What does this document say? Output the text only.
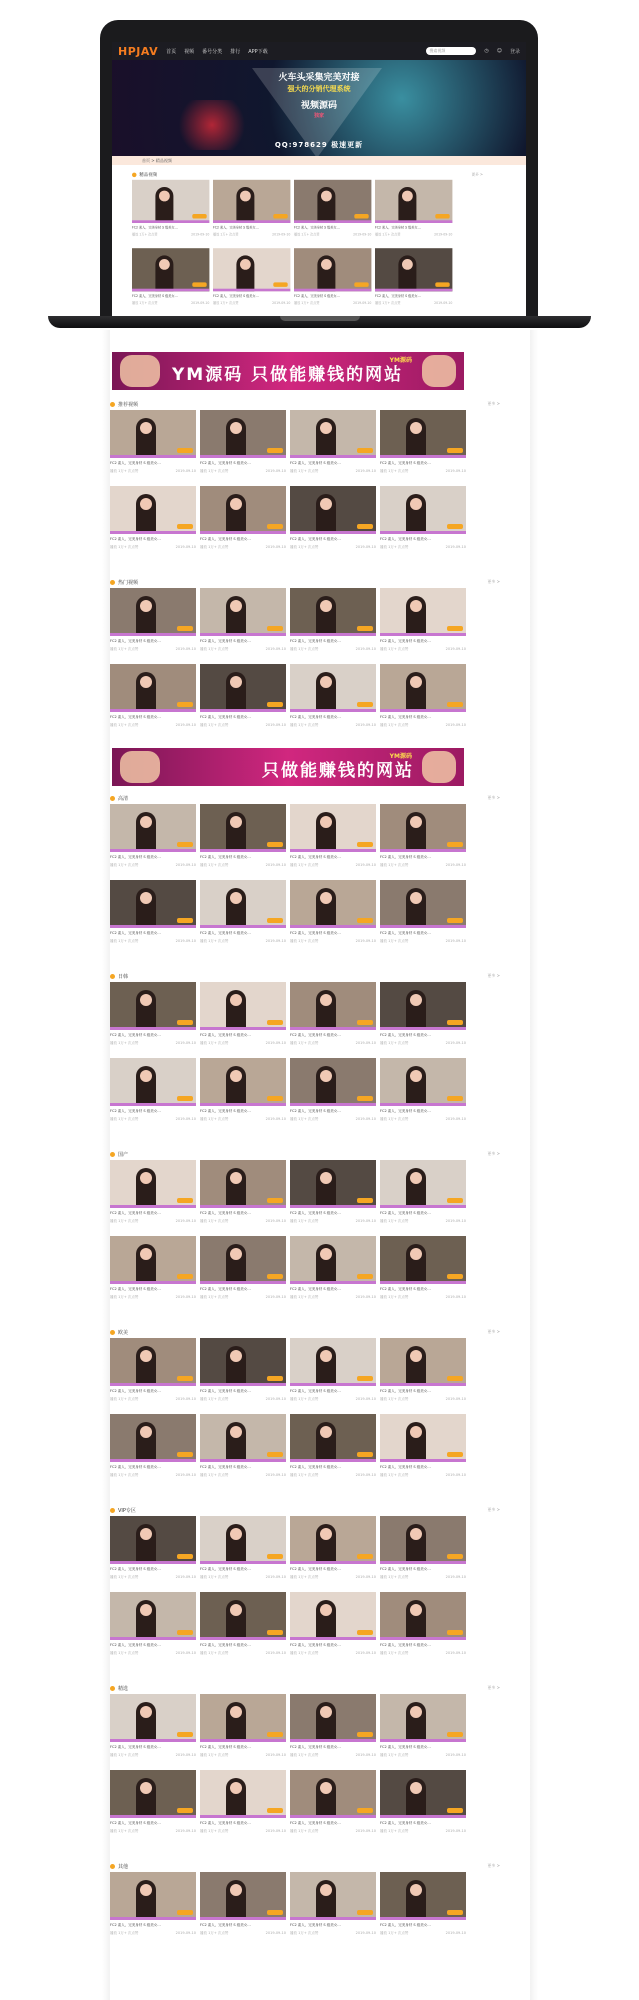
HPJAV 首页 视频 番号分类 排行 APP下载	搜索视频	◷ ☺ 登录
火车头采集完美对接
强大的分销代理系统
视频源码
独家
QQ:978629 极速更新
首页 > 精品视频
精品视频	更多 >
FC2 素人，完美身材 S 级美女…
播放 1万+ 次点赞	2019-09-10
FC2 素人，完美身材 S 级美女…
播放 1万+ 次点赞	2019-09-10
FC2 素人，完美身材 S 级美女…
播放 1万+ 次点赞	2019-09-10
FC2 素人，完美身材 S 级美女…
播放 1万+ 次点赞	2019-09-10
FC2 素人，完美身材 S 级美女…
播放 1万+ 次点赞	2019-09-10
FC2 素人，完美身材 S 级美女…
播放 1万+ 次点赞	2019-09-10
FC2 素人，完美身材 S 级美女…
播放 1万+ 次点赞	2019-09-10
FC2 素人，完美身材 S 级美女…
播放 1万+ 次点赞	2019-09-10
YM源码 只做能赚钱的网站
YM源码
只做能赚钱的网站
YM源码
推荐视频	更多 >
FC2 素人，完美身材 S 级美女…
播放 1万+ 次点赞	2019-09-10
FC2 素人，完美身材 S 级美女…
播放 1万+ 次点赞	2019-09-10
FC2 素人，完美身材 S 级美女…
播放 1万+ 次点赞	2019-09-10
FC2 素人，完美身材 S 级美女…
播放 1万+ 次点赞	2019-09-10
FC2 素人，完美身材 S 级美女…
播放 1万+ 次点赞	2019-09-10
FC2 素人，完美身材 S 级美女…
播放 1万+ 次点赞	2019-09-10
FC2 素人，完美身材 S 级美女…
播放 1万+ 次点赞	2019-09-10
FC2 素人，完美身材 S 级美女…
播放 1万+ 次点赞	2019-09-10
热门视频	更多 >
FC2 素人，完美身材 S 级美女…
播放 1万+ 次点赞	2019-09-10
FC2 素人，完美身材 S 级美女…
播放 1万+ 次点赞	2019-09-10
FC2 素人，完美身材 S 级美女…
播放 1万+ 次点赞	2019-09-10
FC2 素人，完美身材 S 级美女…
播放 1万+ 次点赞	2019-09-10
FC2 素人，完美身材 S 级美女…
播放 1万+ 次点赞	2019-09-10
FC2 素人，完美身材 S 级美女…
播放 1万+ 次点赞	2019-09-10
FC2 素人，完美身材 S 级美女…
播放 1万+ 次点赞	2019-09-10
FC2 素人，完美身材 S 级美女…
播放 1万+ 次点赞	2019-09-10
高清	更多 >
FC2 素人，完美身材 S 级美女…
播放 1万+ 次点赞	2019-09-10
FC2 素人，完美身材 S 级美女…
播放 1万+ 次点赞	2019-09-10
FC2 素人，完美身材 S 级美女…
播放 1万+ 次点赞	2019-09-10
FC2 素人，完美身材 S 级美女…
播放 1万+ 次点赞	2019-09-10
FC2 素人，完美身材 S 级美女…
播放 1万+ 次点赞	2019-09-10
FC2 素人，完美身材 S 级美女…
播放 1万+ 次点赞	2019-09-10
FC2 素人，完美身材 S 级美女…
播放 1万+ 次点赞	2019-09-10
FC2 素人，完美身材 S 级美女…
播放 1万+ 次点赞	2019-09-10
日韩	更多 >
FC2 素人，完美身材 S 级美女…
播放 1万+ 次点赞	2019-09-10
FC2 素人，完美身材 S 级美女…
播放 1万+ 次点赞	2019-09-10
FC2 素人，完美身材 S 级美女…
播放 1万+ 次点赞	2019-09-10
FC2 素人，完美身材 S 级美女…
播放 1万+ 次点赞	2019-09-10
FC2 素人，完美身材 S 级美女…
播放 1万+ 次点赞	2019-09-10
FC2 素人，完美身材 S 级美女…
播放 1万+ 次点赞	2019-09-10
FC2 素人，完美身材 S 级美女…
播放 1万+ 次点赞	2019-09-10
FC2 素人，完美身材 S 级美女…
播放 1万+ 次点赞	2019-09-10
国产	更多 >
FC2 素人，完美身材 S 级美女…
播放 1万+ 次点赞	2019-09-10
FC2 素人，完美身材 S 级美女…
播放 1万+ 次点赞	2019-09-10
FC2 素人，完美身材 S 级美女…
播放 1万+ 次点赞	2019-09-10
FC2 素人，完美身材 S 级美女…
播放 1万+ 次点赞	2019-09-10
FC2 素人，完美身材 S 级美女…
播放 1万+ 次点赞	2019-09-10
FC2 素人，完美身材 S 级美女…
播放 1万+ 次点赞	2019-09-10
FC2 素人，完美身材 S 级美女…
播放 1万+ 次点赞	2019-09-10
FC2 素人，完美身材 S 级美女…
播放 1万+ 次点赞	2019-09-10
欧美	更多 >
FC2 素人，完美身材 S 级美女…
播放 1万+ 次点赞	2019-09-10
FC2 素人，完美身材 S 级美女…
播放 1万+ 次点赞	2019-09-10
FC2 素人，完美身材 S 级美女…
播放 1万+ 次点赞	2019-09-10
FC2 素人，完美身材 S 级美女…
播放 1万+ 次点赞	2019-09-10
FC2 素人，完美身材 S 级美女…
播放 1万+ 次点赞	2019-09-10
FC2 素人，完美身材 S 级美女…
播放 1万+ 次点赞	2019-09-10
FC2 素人，完美身材 S 级美女…
播放 1万+ 次点赞	2019-09-10
FC2 素人，完美身材 S 级美女…
播放 1万+ 次点赞	2019-09-10
VIP专区	更多 >
FC2 素人，完美身材 S 级美女…
播放 1万+ 次点赞	2019-09-10
FC2 素人，完美身材 S 级美女…
播放 1万+ 次点赞	2019-09-10
FC2 素人，完美身材 S 级美女…
播放 1万+ 次点赞	2019-09-10
FC2 素人，完美身材 S 级美女…
播放 1万+ 次点赞	2019-09-10
FC2 素人，完美身材 S 级美女…
播放 1万+ 次点赞	2019-09-10
FC2 素人，完美身材 S 级美女…
播放 1万+ 次点赞	2019-09-10
FC2 素人，完美身材 S 级美女…
播放 1万+ 次点赞	2019-09-10
FC2 素人，完美身材 S 级美女…
播放 1万+ 次点赞	2019-09-10
精选	更多 >
FC2 素人，完美身材 S 级美女…
播放 1万+ 次点赞	2019-09-10
FC2 素人，完美身材 S 级美女…
播放 1万+ 次点赞	2019-09-10
FC2 素人，完美身材 S 级美女…
播放 1万+ 次点赞	2019-09-10
FC2 素人，完美身材 S 级美女…
播放 1万+ 次点赞	2019-09-10
FC2 素人，完美身材 S 级美女…
播放 1万+ 次点赞	2019-09-10
FC2 素人，完美身材 S 级美女…
播放 1万+ 次点赞	2019-09-10
FC2 素人，完美身材 S 级美女…
播放 1万+ 次点赞	2019-09-10
FC2 素人，完美身材 S 级美女…
播放 1万+ 次点赞	2019-09-10
其他	更多 >
FC2 素人，完美身材 S 级美女…
播放 1万+ 次点赞	2019-09-10
FC2 素人，完美身材 S 级美女…
播放 1万+ 次点赞	2019-09-10
FC2 素人，完美身材 S 级美女…
播放 1万+ 次点赞	2019-09-10
FC2 素人，完美身材 S 级美女…
播放 1万+ 次点赞	2019-09-10
